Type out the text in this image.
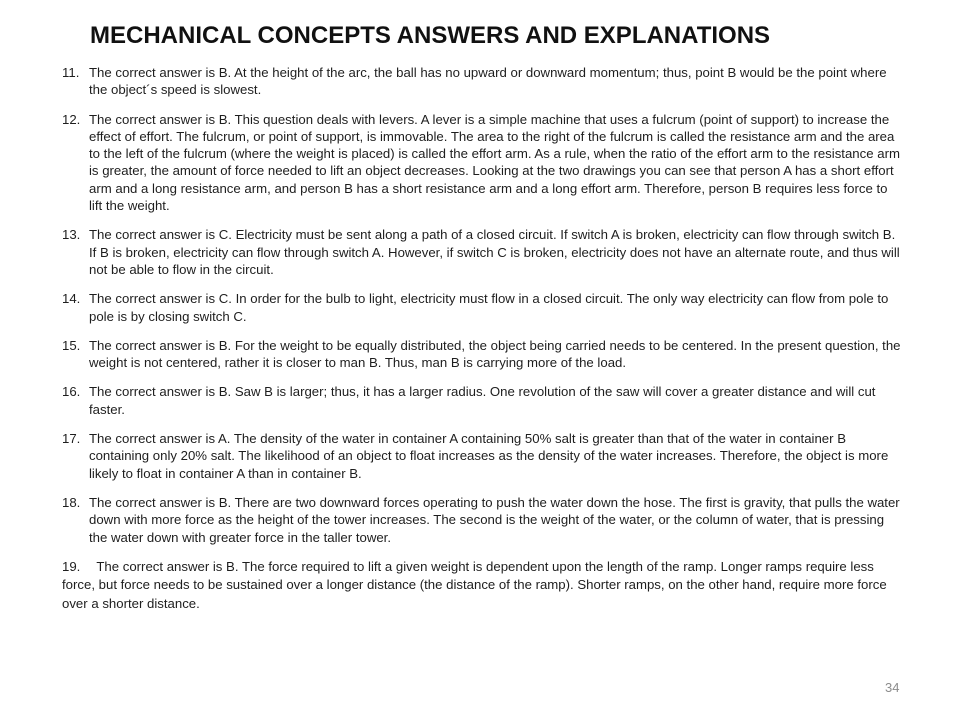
MECHANICAL CONCEPTS ANSWERS AND EXPLANATIONS
11. The correct answer is B. At the height of the arc, the ball has no upward or downward momentum; thus, point B would be the point where the object´s speed is slowest.
12. The correct answer is B. This question deals with levers. A lever is a simple machine that uses a fulcrum (point of support) to increase the effect of effort. The fulcrum, or point of support, is immovable. The area to the right of the fulcrum is called the resistance arm and the area to the left of the fulcrum (where the weight is placed) is called the effort arm. As a rule, when the ratio of the effort arm to the resistance arm is greater, the amount of force needed to lift an object decreases. Looking at the two drawings you can see that person A has a short effort arm and a long resistance arm, and person B has a short resistance arm and a long effort arm. Therefore, person B requires less force to lift the weight.
13. The correct answer is C. Electricity must be sent along a path of a closed circuit. If switch A is broken, electricity can flow through switch B. If B is broken, electricity can flow through switch A. However, if switch C is broken, electricity does not have an alternate route, and thus will not be able to flow in the circuit.
14. The correct answer is C. In order for the bulb to light, electricity must flow in a closed circuit. The only way electricity can flow from pole to pole is by closing switch C.
15. The correct answer is B. For the weight to be equally distributed, the object being carried needs to be centered. In the present question, the weight is not centered, rather it is closer to man B. Thus, man B is carrying more of the load.
16. The correct answer is B. Saw B is larger; thus, it has a larger radius. One revolution of the saw will cover a greater distance and will cut faster.
17. The correct answer is A. The density of the water in container A containing 50% salt is greater than that of the water in container B containing only 20% salt. The likelihood of an object to float increases as the density of the water increases. Therefore, the object is more likely to float in container A than in container B.
18. The correct answer is B. There are two downward forces operating to push the water down the hose. The first is gravity, that pulls the water down with more force as the height of the tower increases. The second is the weight of the water, or the column of water, that is pressing the water down with greater force in the taller tower.
19. The correct answer is B. The force required to lift a given weight is dependent upon the length of the ramp. Longer ramps require less force, but force needs to be sustained over a longer distance (the distance of the ramp). Shorter ramps, on the other hand, require more force over a shorter distance.
34
